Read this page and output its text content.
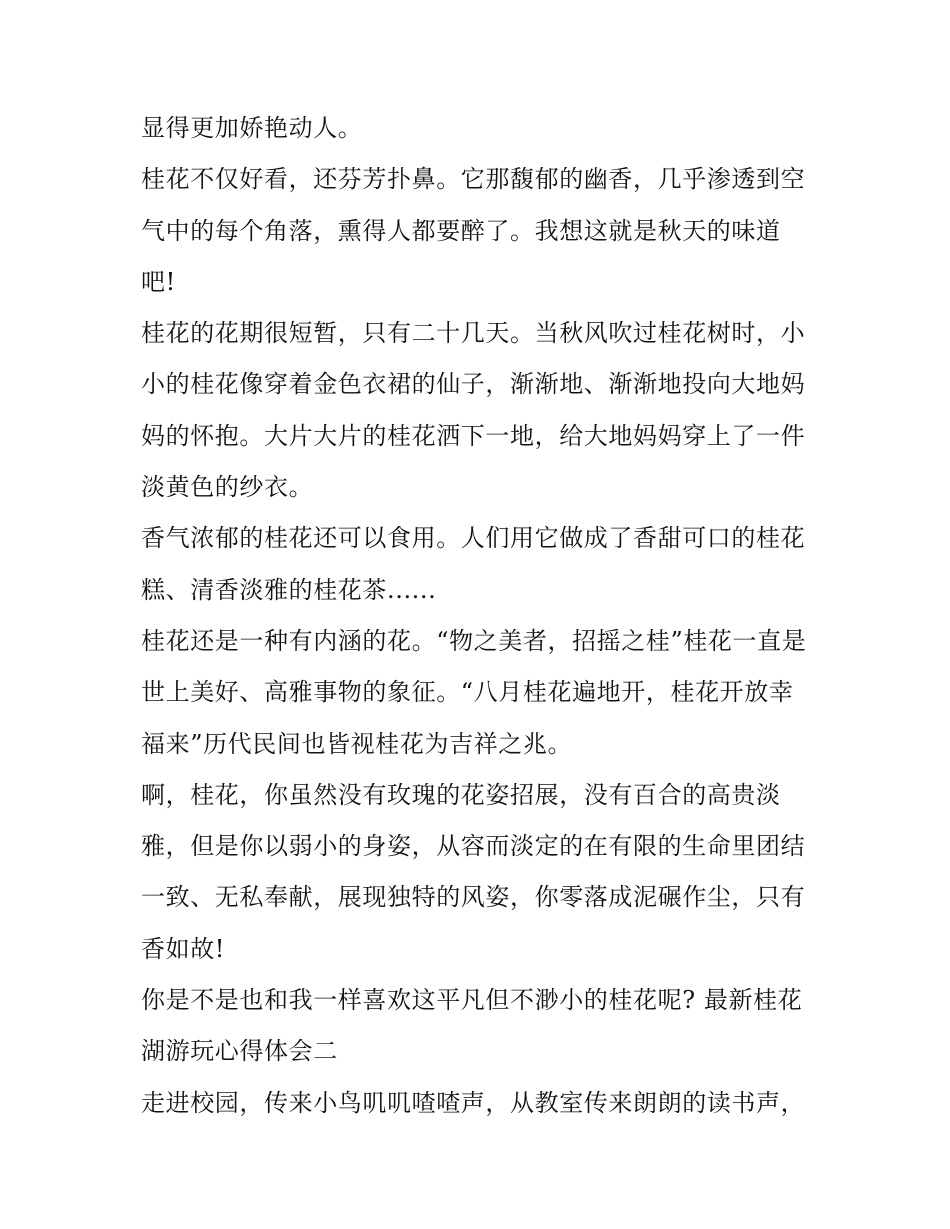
显得更加娇艳动人。
桂花不仅好看，还芬芳扑鼻。它那馥郁的幽香，几乎渗透到空
气中的每个角落，熏得人都要醉了。我想这就是秋天的味道
吧!
桂花的花期很短暂，只有二十几天。当秋风吹过桂花树时，小
小的桂花像穿着金色衣裙的仙子，渐渐地、渐渐地投向大地妈
妈的怀抱。大片大片的桂花洒下一地，给大地妈妈穿上了一件
淡黄色的纱衣。
香气浓郁的桂花还可以食用。人们用它做成了香甜可口的桂花
糕、清香淡雅的桂花茶......
桂花还是一种有内涵的花。“物之美者，招摇之桂”桂花一直是
世上美好、高雅事物的象征。“八月桂花遍地开，桂花开放幸
福来”历代民间也皆视桂花为吉祥之兆。
啊，桂花，你虽然没有玫瑰的花姿招展，没有百合的高贵淡
雅，但是你以弱小的身姿，从容而淡定的在有限的生命里团结
一致、无私奉献，展现独特的风姿，你零落成泥碾作尘，只有
香如故!
你是不是也和我一样喜欢这平凡但不渺小的桂花呢? 最新桂花
湖游玩心得体会二
走进校园，传来小鸟叽叽喳喳声，从教室传来朗朗的读书声，
